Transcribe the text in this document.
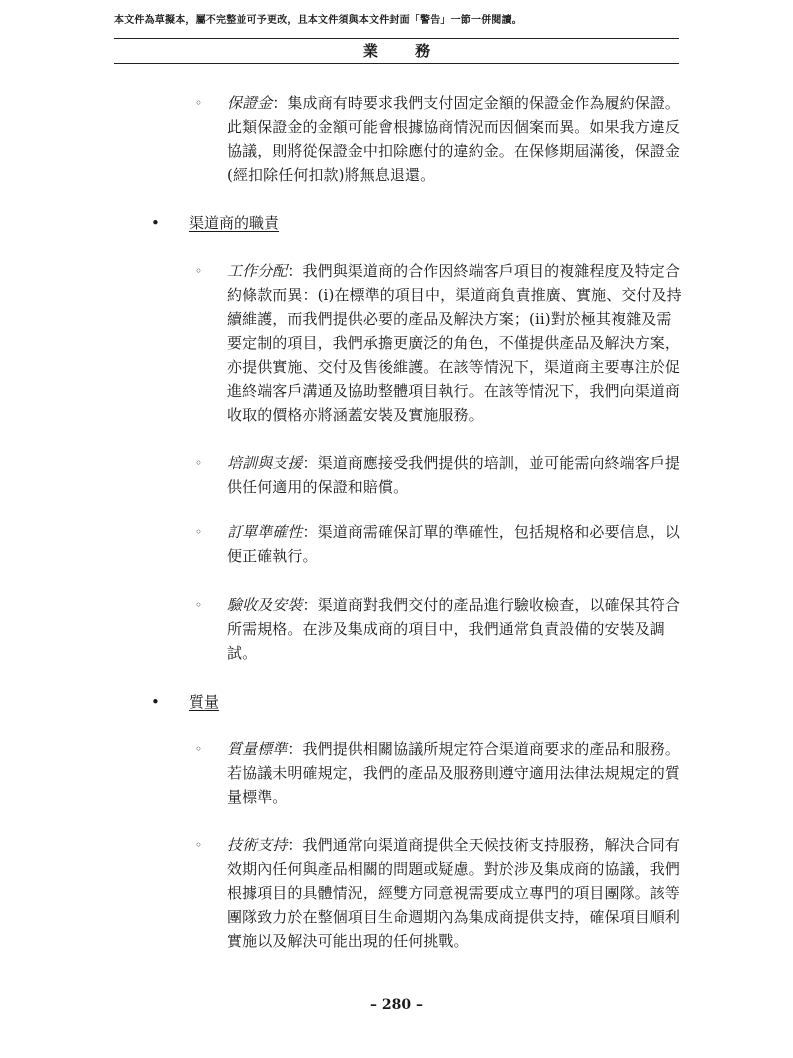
本文件為草擬本，屬不完整並可予更改，且本文件須與本文件封面「警告」一節一併閱讀。
業 務
◦ 保證金：集成商有時要求我們支付固定金額的保證金作為履約保證。此類保證金的金額可能會根據協商情況而因個案而異。如果我方違反協議，則將從保證金中扣除應付的違約金。在保修期屆滿後，保證金(經扣除任何扣款)將無息退還。

• 渠道商的職責
◦ 工作分配：我們與渠道商的合作因終端客戶項目的複雜程度及特定合約條款而異：(i)在標準的項目中，渠道商負責推廣、實施、交付及持續維護，而我們提供必要的產品及解決方案；(ii)對於極其複雜及需要定制的項目，我們承擔更廣泛的角色，不僅提供產品及解決方案，亦提供實施、交付及售後維護。在該等情況下，渠道商主要專注於促進終端客戶溝通及協助整體項目執行。在該等情況下，我們向渠道商收取的價格亦將涵蓋安裝及實施服務。

◦ 培訓與支援：渠道商應接受我們提供的培訓，並可能需向終端客戶提供任何適用的保證和賠償。

◦ 訂單準確性：渠道商需確保訂單的準確性，包括規格和必要信息，以便正確執行。

◦ 驗收及安裝：渠道商對我們交付的產品進行驗收檢查，以確保其符合所需規格。在涉及集成商的項目中，我們通常負責設備的安裝及調試。

• 質量
◦ 質量標準：我們提供相關協議所規定符合渠道商要求的產品和服務。若協議未明確規定，我們的產品及服務則遵守適用法律法規規定的質量標準。

◦ 技術支持：我們通常向渠道商提供全天候技術支持服務，解決合同有效期內任何與產品相關的問題或疑慮。對於涉及集成商的協議，我們根據項目的具體情況，經雙方同意視需要成立專門的項目團隊。該等團隊致力於在整個項目生命週期內為集成商提供支持，確保項目順利實施以及解決可能出現的任何挑戰。

– 280 –
